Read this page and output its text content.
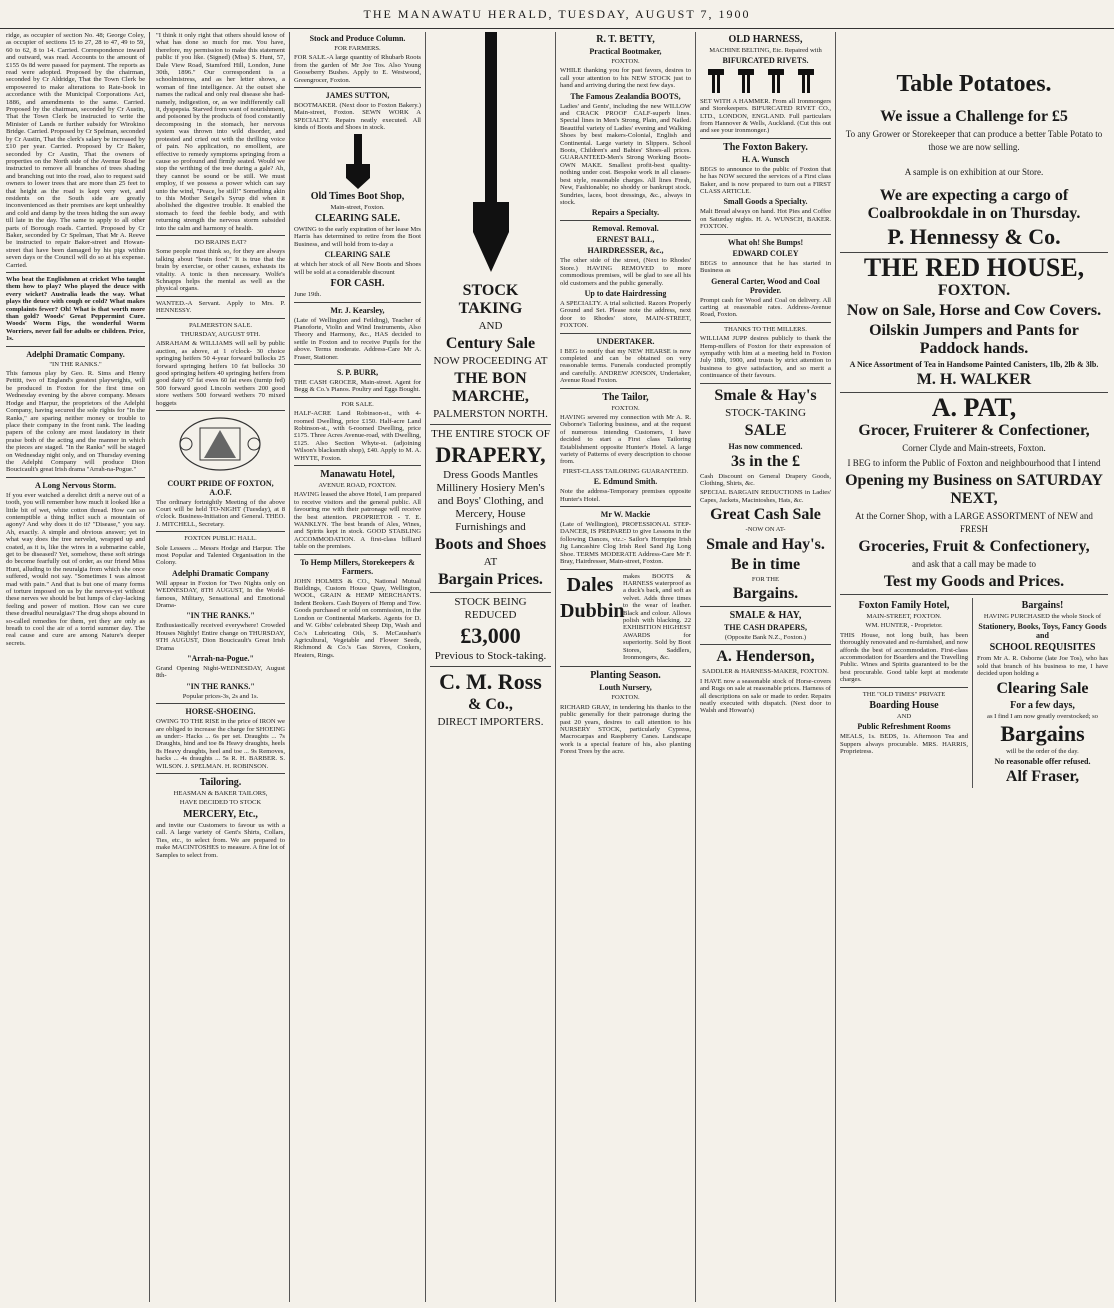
THE MANAWATU HERALD, TUESDAY, AUGUST 7, 1900

ridge, as occupier of section No. 48; George Coley, as occupier of sections 15 to 27, 28 to 47, 49 to 59, 60 to 62, 8 to 14. Carried. Correspondence inward and outward, was read. Accounts to the amount of £155 0s 8d were passed for payment. The reports as read were adopted. Proposed by the chairman, seconded by Cr Aldridge, That the Town Clerk be empowered to make alterations to Rate-book in accordance with the Municipal Corporations Act, 1886, and amendments to the same. Carried. Proposed by the chairman, seconded by Cr Austin, That the Town Clerk be instructed to write the Minister of Lands re further subsidy for Wirokino Bridge. Carried. Proposed by Cr Spelman, seconded by Cr Austin, That the clerk's salary be increased by £10 per year. Carried. Proposed by Cr Baker, seconded by Cr Austin, That the owners of properties on the North side of the Avenue Road be instructed to remove all branches of trees shading and branching out into the road, also to request said owners to lower trees that are more than 25 feet to that height as the road is kept very wet, and residents on the South side are greatly inconvenienced as their premises are kept unhealthy and cold and damp by the trees hiding the sun away till late in the day. The same to apply to all other parts of Borough roads. Carried. Proposed by Cr Baker, seconded by Cr Spelman, That Mr A. Reeve be instructed to repair Baker-street and Howan-street that have been damaged by his pigs within seven days or the Council will do so at his expense. Carried.

Who beat the Englishmen at cricket Who taught them how to play? Who played the deuce with every wicket? Australia leads the way. What plays the deuce with cough or cold? What makes complaints fewer? Oh! What is that worth more than gold? Woods' Great Peppermint Cure. Woods' Worm Figs, the wonderful Worm Worriers, never fail for adults or children. Price, 1s.

Adelphi Dramatic Company.

"IN THE RANKS."

This famous play by Geo. R. Sims and Henry Pettitt, two of England's greatest playwrights, will be produced in Foxton for the first time on Wednesday evening by the above company. Messrs Hodge and Harpur, the proprietors of the Adelphi Company, having secured the sole rights for "In the Ranks," are sparing neither money or trouble to place their company in the front rank. The leading papers of the colony are most laudatory in their praise both of the acting and the manner in which the pieces are staged. "In the Ranks" will be staged on Wednesday night only, and on Thursday evening the Adelphi Company will produce Dion Boucicault's great Irish drama "Arrah-na-Pogue."

A Long Nervous Storm.

If you ever watched a derelict drift a nerve out of a tooth, you will remember how much it looked like a little bit of wet, white cotton thread. How can so contemptible a thing inflict such a mountain of agony? And why does it do it? "Disease," you say. Ah, exactly. A simple and obvious answer; yet in what way does the tree nervelet, wrapped up and coated, as it is, like the wires in a submarine cable, get to be diseased? Yet, somehow, these soft strings do become fearfully out of order, as our friend Miss Hunt, alluding to the neuralgia from which she once suffered, would not say. "Sometimes I was almost mad with pain." And that is but one of many forms of torture imposed on us by the nerves-yet without these nerves we should be but lumps of clay-lacking feeling and power of motion. How can we cure these dreadful neuralgias? The drug shops abound in so-called remedies for them, yet they are only as breath to cool the air of a torrid summer day. The real cause and cure are among Nature's deeper secrets.

"I think it only right that others should know of what has done so much for me. You have, therefore, my permission to make this statement public if you like. (Signed) (Miss) S. Hunt, 57, Dale View Road, Stamford Hill, London, June 30th, 1896." Our correspondent is a schoolmistress, and as her letter shows, a woman of fine intelligence. At the outset she names the radical and only real disease she had-namely, indigestion, or, as we indifferently call it, dyspepsia. Starved from want of nourishment, and poisoned by the products of food constantly decomposing in the stomach, her nervous system was thrown into wild disorder, and protested and cried out with the thrilling voice of pain. No application, no emollient, are effective to remedy symptoms springing from a cause so profound and firmly seated. Would we stop the writhing of the tree during a gale? Ah, they cannot be sound or be still. We must employ, if we possess a power which can say unto the wind, "Peace, be still!" Something akin to this Mother Seigel's Syrup did when it abolished the digestive trouble. It enabled the stomach to feed the feeble body, and with returning strength the nervous storm subsided into the calm and harmony of health.

DO BRAINS EAT?

Some people must think so, for they are always talking about "brain food." It is true that the brain by exercise, or other causes, exhausts its vitality. A tonic is then necessary. Wolfe's Schnapps helps the mental as well as the physical organs.

WANTED.-A Servant. Apply to Mrs. P. HENNESSY.

PALMERSTON SALE.

THURSDAY, AUGUST 9TH.

ABRAHAM & WILLIAMS will sell by public auction, as above, at 1 o'clock- 30 choice springing heifers 50 4-year forward bullocks 25 forward springing heifers 10 fat bullocks 30 good springing heifers 40 springing heifers from good dairy 67 fat ewes 60 fat ewes (turnip fed) 500 forward good Lincoln wethers 200 good store wethers 500 forward wethers 70 mixed hoggets

COURT PRIDE OF FOXTON, A.O.F.

The ordinary fortnightly Meeting of the above Court will be held TO-NIGHT (Tuesday), at 8 o'clock. Business-Initiation and General. THEO. J. MITCHELL, Secretary.

FOXTON PUBLIC HALL.

Sole Lessees ... Messrs Hodge and Harpur. The most Popular and Talented Organisation in the Colony.

Adelphi Dramatic Company

Will appear in Foxton for Two Nights only on WEDNESDAY, 8TH AUGUST, In the World-famous, Military, Sensational and Emotional Drama-

"IN THE RANKS."

Enthusiastically received everywhere! Crowded Houses Nightly! Entire change on THURSDAY, 9TH AUGUST, Dion Boucicault's Great Irish Drama

"Arrah-na-Pogue."

Grand Opening Night-WEDNESDAY, August 8th-

"IN THE RANKS."

Popular prices-3s, 2s and 1s.

HORSE-SHOEING.

OWING TO THE RISE in the price of IRON we are obliged to increase the charge for SHOEING as under:- Hacks ... 6s per set. Draughts ... 7s Draughts, hind and toe 8s Heavy draughts, heels 8s Heavy draughts, heel and toe ... 9s Removes, hacks ... 4s draughts ... 5s R. H. BARBER. S. WILSON. J. SPELMAN. H. ROBINSON.

Tailoring.

HEASMAN & BAKER TAILORS,

HAVE DECIDED TO STOCK

MERCERY, Etc.,

and invite our Customers to favour us with a call. A large variety of Gent's Shirts, Collars, Ties, etc., to select from. We are prepared to make MACINTOSHES to measure. A fine lot of Samples to select from.

Stock and Produce Column.

FOR FARMERS.

FOR SALE.-A large quantity of Rhubarb Roots from the garden of Mr Joe Tos. Also Young Gooseberry Bushes. Apply to E. Westwood, Greengrocer, Foxton.

JAMES SUTTON,

BOOTMAKER. (Next door to Foxton Bakery.) Main-street, Foxton. SEWN WORK A SPECIALTY. Repairs neatly executed. All kinds of Boots and Shoes in stock.

Old Times Boot Shop,

Main-street, Foxton.

CLEARING SALE.

OWING to the early expiration of her lease Mrs Harris has determined to retire from the Boot Business, and will hold from to-day a

CLEARING SALE

at which her stock of all New Boots and Shoes will be sold at a considerable discount

FOR CASH.

June 19th.

Mr. J. Kearsley,

(Late of Wellington and Feilding), Teacher of Pianoforte, Violin and Wind Instruments, Also Theory and Harmony, &c., HAS decided to settle in Foxton and to receive Pupils for the above. Terms moderate. Address-Care Mr A. Fraser, Stationer.

S. P. BURR,

THE CASH GROCER, Main-street. Agent for Begg & Co.'s Pianos. Poultry and Eggs Bought.

FOR SALE.

HALF-ACRE Land Robinson-st., with 4-roomed Dwelling, price £150. Half-acre Land Robinson-st., with 6-roomed Dwelling, price £175. Three Acres Avenue-road, with Dwelling, £125. Also Section Whyte-st. (adjoining Wilson's blacksmith shop), £40. Apply to M. A. WHYTE, Foxton.

Manawatu Hotel,

AVENUE ROAD, FOXTON.

HAVING leased the above Hotel, I am prepared to receive visitors and the general public. All favouring me with their patronage will receive the best attention. PROPRIETOR - T. E. WANKLYN. The best brands of Ales, Wines, and Spirits kept in stock. GOOD STABLING ACCOMMODATION. A first-class billiard table on the premises.

To Hemp Millers, Storekeepers & Farmers.

JOHN HOLMES & CO., National Mutual Buildings, Custom House Quay, Wellington, WOOL, GRAIN & HEMP MERCHANTS. Indent Brokers. Cash Buyers of Hemp and Tow. Goods purchased or sold on commission, in the London or Continental Markets. Agents for D. and W. Gibbs' celebrated Sheep Dip, Wash and Co.'s Lubricating Oils, S. McCaushan's Agricultural, Vegetable and Flower Seeds, Richmond & Co.'s Gas Stoves, Cookers, Heaters, Rings.

STOCK TAKING

AND

Century Sale

NOW PROCEEDING AT

THE BON MARCHE,

PALMERSTON NORTH.

THE ENTIRE STOCK OF

DRAPERY,

Dress Goods Mantles Millinery Hosiery Men's and Boys' Clothing, and Mercery, House Furnishings and

Boots and Shoes

AT

Bargain Prices.

STOCK BEING REDUCED

£3,000

Previous to Stock-taking.

C. M. Ross

& Co.,

DIRECT IMPORTERS.

R. T. BETTY,
Practical Bootmaker,

FOXTON.

WHILE thanking you for past favors, desires to call your attention to his NEW STOCK just to hand and arriving during the next few days.

The Famous Zealandia BOOTS,

Ladies' and Gents', including the new WILLOW and CRACK PROOF CALF-superb lines. Special lines in Men's Strong, Plain, and Nailed. Beautiful variety of Ladies' evening and Walking Shoes by best makers-Colonial, English and Continental. Large variety in Slippers. School Boots, Children's and Babies' Shoes-all prices. GUARANTEED-Men's Strong Working Boots-OWN MAKE. Smallest profit-best quality-nothing under cost. Bespoke work in all classes-best style, reasonable charges. All lines Fresh, New, Fashionable; no shoddy or bankrupt stock. Sundries, laces, boot dressings, &c., always in stock.

Repairs a Specialty.
Removal. Removal.
ERNEST BALL,
HAIRDRESSER, &c.,

The other side of the street, (Next to Rhodes' Store.) HAVING REMOVED to more commodious premises, will be glad to see all his old customers and the public generally.

Up to date Hairdressing

A SPECIALTY. A trial solicited. Razors Properly Ground and Set. Please note the address, next door to Rhodes' store, MAIN-STREET, FOXTON.

UNDERTAKER.

I BEG to notify that my NEW HEARSE is now completed and can be obtained on very reasonable terms. Funerals conducted promptly and carefully. ANDREW JONSON, Undertaker, Avenue Road Foxton.

The Tailor,

FOXTON.

HAVING severed my connection with Mr A. R. Osborne's Tailoring business, and at the request of numerous intending Customers, I have decided to start a First class Tailoring Establishment opposite Hunter's Hotel. A large variety of Patterns of every description to choose from.

FIRST-CLASS TAILORING GUARANTEED.

E. Edmund Smith.

Note the address-Temporary premises opposite Hunter's Hotel.

Mr W. Mackie

(Late of Wellington), PROFESSIONAL STEP-DANCER, IS PREPARED to give Lessons in the following Dances, viz.:- Sailor's Hornpipe Irish Jig Lancashire Clog Irish Reel Sand Jig Long Shoe. TERMS MODERATE Address-Care Mr F. Bray, Hairdresser, Main-street, Foxton.

Dales

Dubbin

makes BOOTS & HARNESS waterproof as a duck's back, and soft as velvet. Adds three times to the wear of leather. Black and colour. Allows polish with blacking. 22 EXHIBITION HIGHEST AWARDS for superiority. Sold by Boot Stores, Saddlers, Ironmongers, &c.

Planting Season.
Louth Nursery,

FOXTON.

RICHARD GRAY, in tendering his thanks to the public generally for their patronage during the past 20 years, desires to call attention to his NURSERY STOCK, particularly Cypress, Macrocarpas and Raspberry Canes. Landscape work is a special feature of his, also planting Forest Trees by the acre.

OLD HARNESS,

MACHINE BELTING, Etc. Repaired with

BIFURCATED RIVETS.

SET WITH A HAMMER. From all Ironmongers and Storekeepers. BIFURCATED RIVET CO., LTD., LONDON, ENGLAND. Full particulars from Hannover & Wells, Auckland. (Cut this out and see your ironmonger.)

The Foxton Bakery.
H. A. Wunsch

BEGS to announce to the public of Foxton that he has NOW secured the services of a First class Baker, and is now prepared to turn out a FIRST CLASS ARTICLE.

Small Goods a Specialty.

Malt Bread always on hand. Hot Pies and Coffee on Saturday nights. H. A. WUNSCH, BAKER. FOXTON.

What oh! She Bumps!
EDWARD COLEY

BEGS to announce that he has started in Business as

General Carter, Wood and Coal Provider.

Prompt cash for Wood and Coal on delivery. All carting at reasonable rates. Address-Avenue Road, Foxton.

THANKS TO THE MILLERS.

WILLIAM JUPP desires publicly to thank the Hemp-millers of Foxton for their expression of sympathy with him at a meeting held in Foxton July 18th, 1900, and trusts by strict attention to business to give satisfaction, and so merit a continuance of their favours.

Smale & Hay's

STOCK-TAKING

SALE

Has now commenced.

3s in the £

Cash Discount on General Drapery Goods, Clothing, Shirts, &c.

SPECIAL BARGAIN REDUCTIONS in Ladies' Capes, Jackets, Macintoshes, Hats, &c.

Great Cash Sale

-NOW ON AT-

Smale and Hay's.

Be in time

FOR THE

Bargains.

SMALE & HAY,
THE CASH DRAPERS,

(Opposite Bank N.Z., Foxton.)

A. Henderson,

SADDLER & HARNESS-MAKER, FOXTON.

I HAVE now a seasonable stock of Horse-covers and Rugs on sale at reasonable prices. Harness of all descriptions on sale or made to order. Repairs neatly executed with dispatch. (Next door to Walsh and Howan's)

Table Potatoes.

We issue a Challenge for £5

To any Grower or Storekeeper that can produce a better Table Potato to those we are now selling.

A sample is on exhibition at our Store.

We are expecting a cargo of Coalbrookdale in on Thursday.

P. Hennessy & Co.

THE RED HOUSE,

FOXTON.

Now on Sale, Horse and Cow Covers.

Oilskin Jumpers and Pants for Paddock hands.

A Nice Assortment of Tea in Handsome Painted Canisters, 1lb, 2lb & 3lb.

M. H. WALKER

A. PAT,

Grocer, Fruiterer & Confectioner,

Corner Clyde and Main-streets, Foxton.

I BEG to inform the Public of Foxton and neighbourhood that I intend

Opening my Business on SATURDAY NEXT,

At the Corner Shop, with a LARGE ASSORTMENT of NEW and FRESH

Groceries, Fruit & Confectionery,

and ask that a call may be made to

Test my Goods and Prices.

Foxton Family Hotel,

MAIN-STREET, FOXTON.

WM. HUNTER, - Proprietor.

THIS House, not long built, has been thoroughly renovated and re-furnished, and now affords the best of accommodation. First-class accommodation for Boarders and the Travelling Public. Wines and Spirits guaranteed to be the best procurable. Good table kept at moderate charges.

THE "OLD TIMES" PRIVATE

Boarding House

AND

Public Refreshment Rooms

MEALS, 1s. BEDS, 1s. Afternoon Tea and Suppers always procurable. MRS. HARRIS, Proprietress.

Bargains!

HAVING PURCHASED the whole Stock of

Stationery, Books, Toys, Fancy Goods and
SCHOOL REQUISITES

From Mr A. R. Osborne (late Joe Tos), who has sold that branch of his business to me, I have decided upon holding a

Clearing Sale

For a few days,

as I find I am now greatly overstocked; so

Bargains

will be the order of the day.

No reasonable offer refused.

Alf Fraser,
